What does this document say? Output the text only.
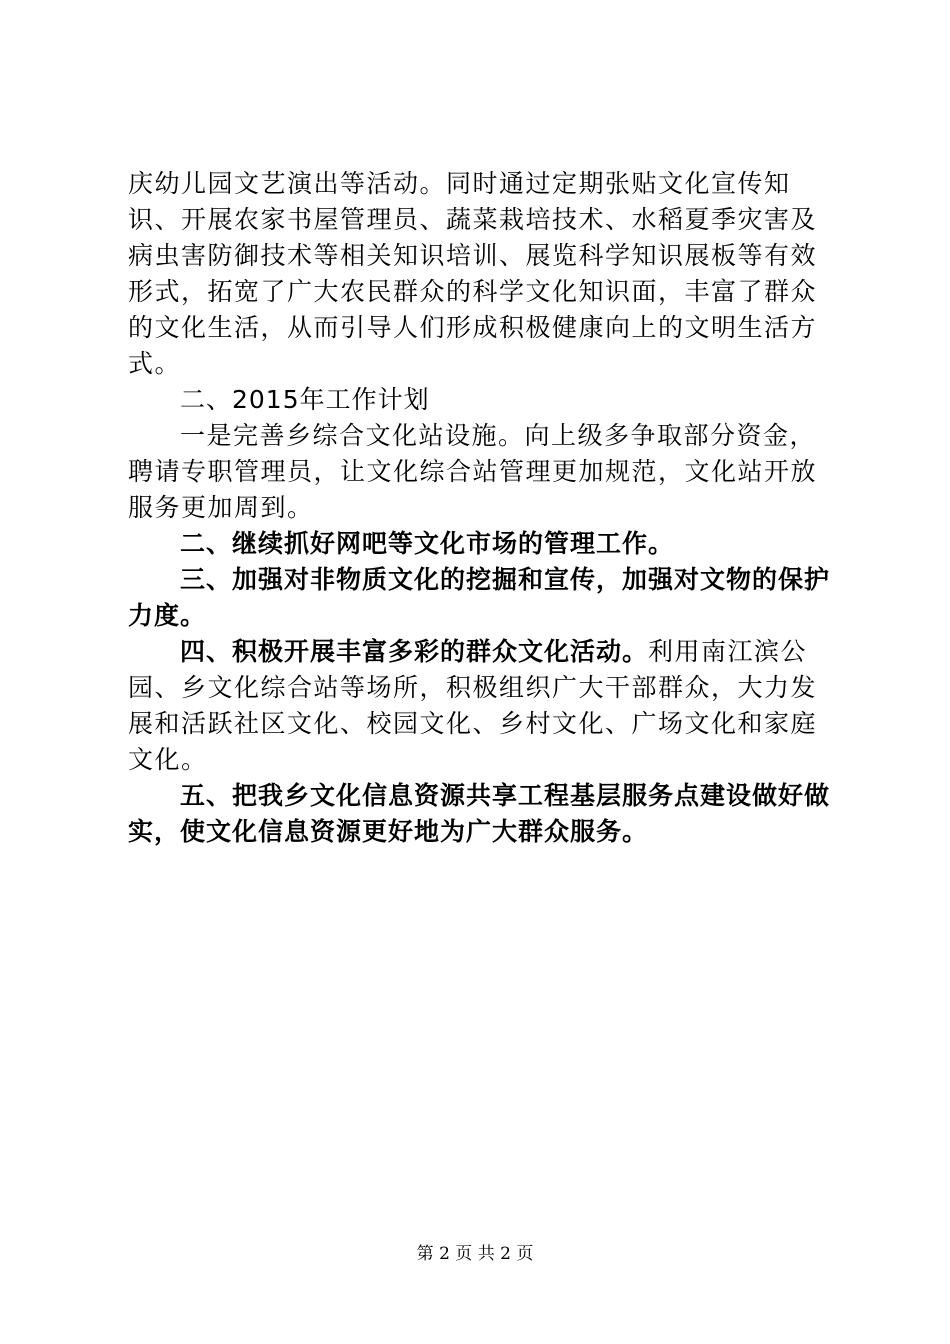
庆幼儿园文艺演出等活动。同时通过定期张贴文化宣传知识、开展农家书屋管理员、蔬菜栽培技术、水稻夏季灾害及病虫害防御技术等相关知识培训、展览科学知识展板等有效形式，拓宽了广大农民群众的科学文化知识面，丰富了群众的文化生活，从而引导人们形成积极健康向上的文明生活方式。

二、2015年工作计划

一是完善乡综合文化站设施。向上级多争取部分资金，聘请专职管理员，让文化综合站管理更加规范，文化站开放服务更加周到。

二、继续抓好网吧等文化市场的管理工作。

三、加强对非物质文化的挖掘和宣传，加强对文物的保护力度。

四、积极开展丰富多彩的群众文化活动。利用南江滨公园、乡文化综合站等场所，积极组织广大干部群众，大力发展和活跃社区文化、校园文化、乡村文化、广场文化和家庭文化。

五、把我乡文化信息资源共享工程基层服务点建设做好做实，使文化信息资源更好地为广大群众服务。

第 2 页 共 2 页
